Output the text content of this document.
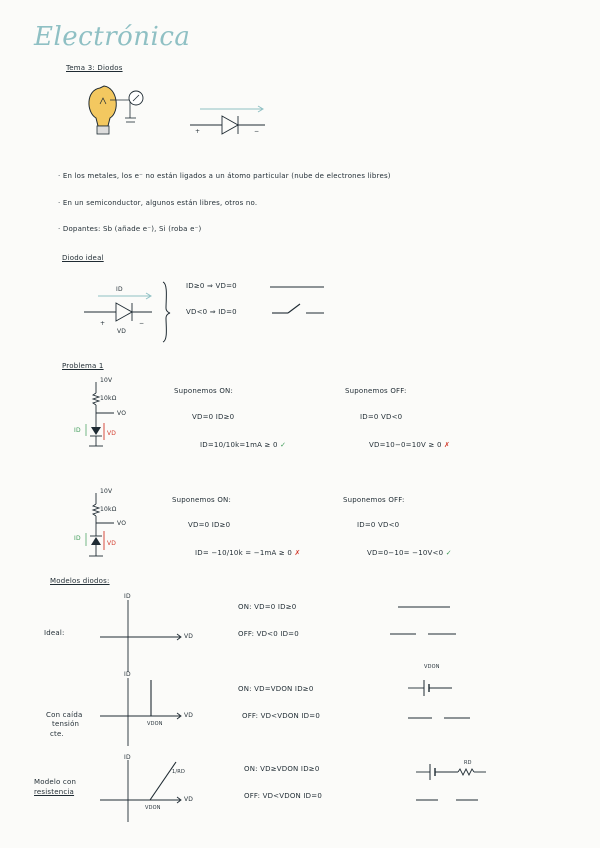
Electrónica
Tema 3: Diodos
+	−
+	−
· En los metales, los e⁻ no están ligados a un átomo particular (nube de electrones libres)
· En un semiconductor, algunos están libres, otros no.
· Dopantes: Sb (añade e⁻), Si (roba e⁻)
Diodo ideal
ID
VD
ID≥0 ⇒ VD=0
VD<0 ⇒ ID=0
Problema 1
10V
10kΩ
VO
ID	VD
Suponemos ON:
VD=0 ID≥0
ID=10/10k=1mA ≥ 0 ✓
Suponemos OFF:
ID=0 VD<0
VD=10−0=10V ≥ 0 ✗
10V
10kΩ
VO
ID
VD
Suponemos ON:
VD=0 ID≥0
ID= −10/10k = −1mA ≥ 0 ✗
Suponemos OFF:
ID=0 VD<0
VD=0−10= −10V<0 ✓
Modelos diodos:
ID
VD
Ideal:
ON: VD=0 ID≥0
OFF: VD<0 ID=0
ID
VD
VDON
Con caída
tensión
cte.
ON: VD=VDON ID≥0
OFF: VD<VDON ID=0
VDON
ID
VD
VDON
1/RD
Modelo con
resistencia
ON: VD≥VDON ID≥0
OFF: VD<VDON ID=0
RD
